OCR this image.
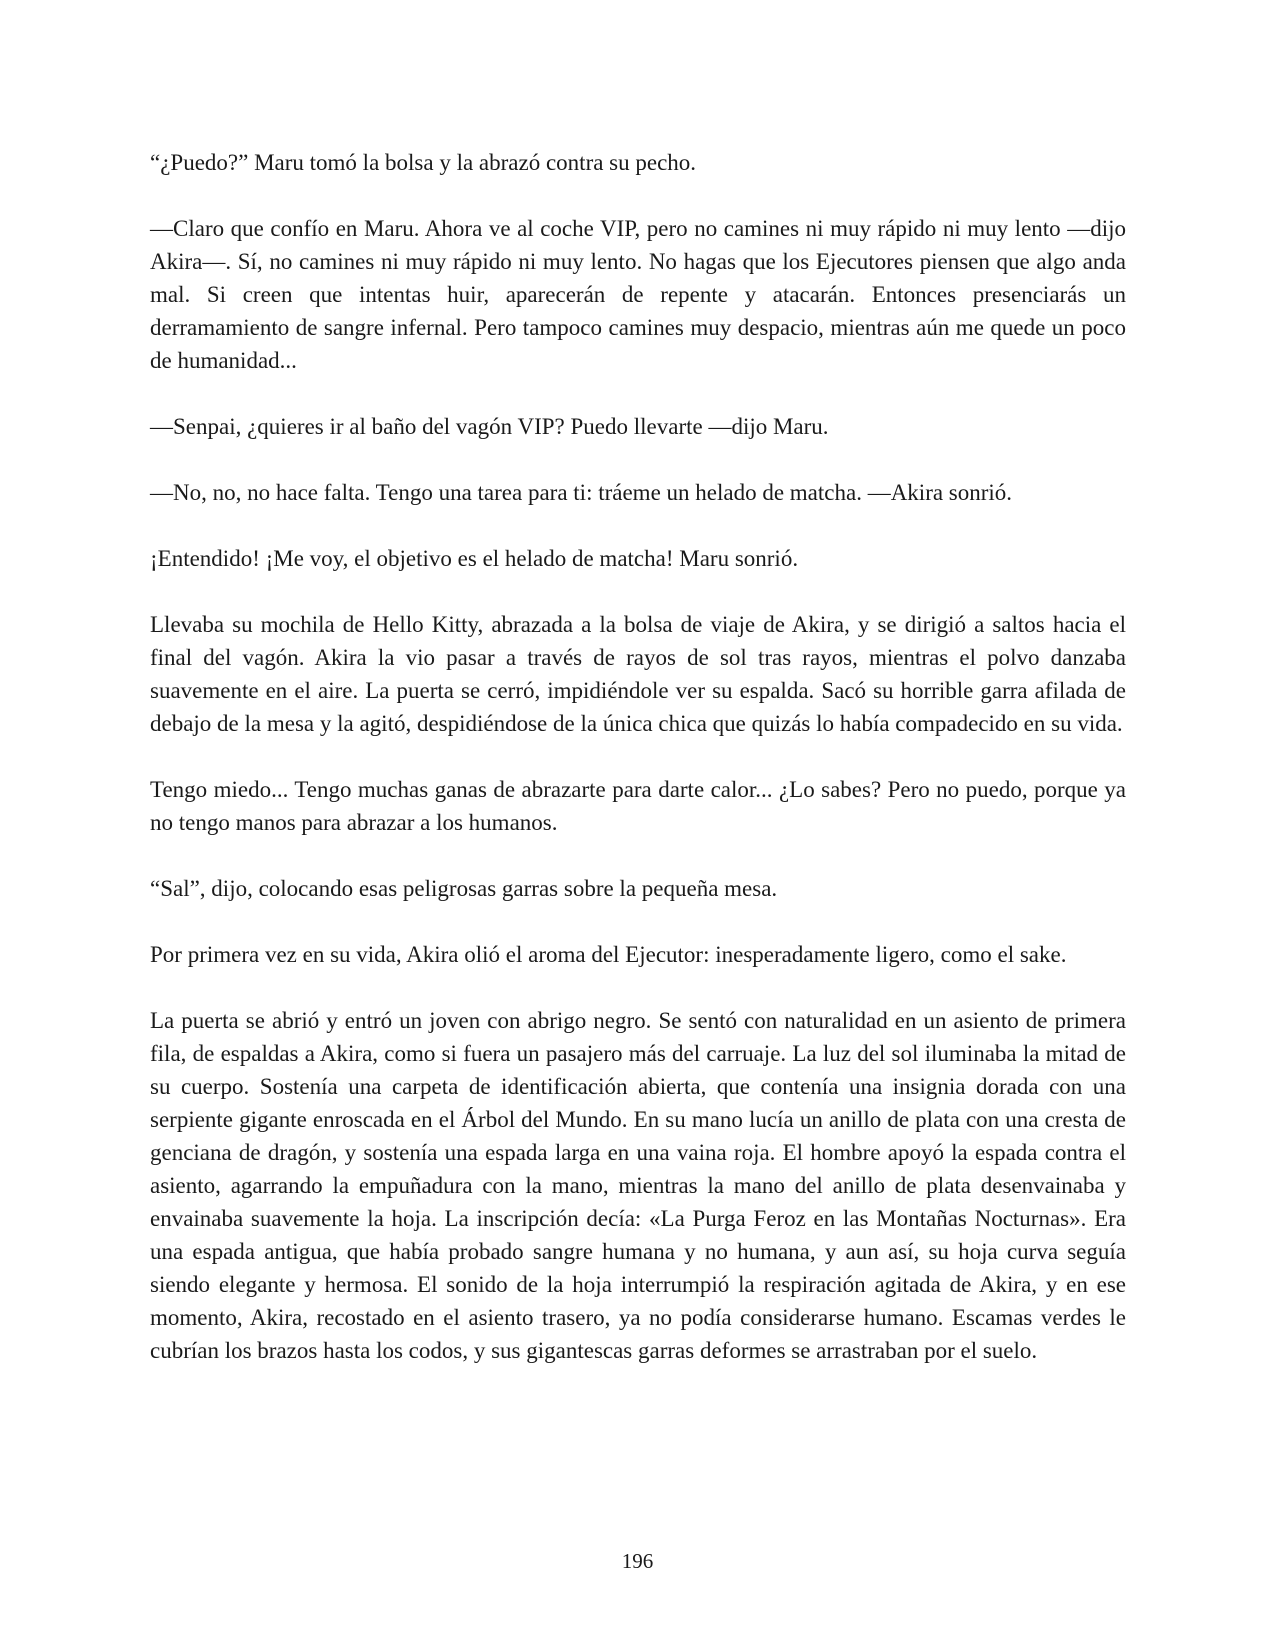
“¿Puedo?” Maru tomó la bolsa y la abrazó contra su pecho.

—Claro que confío en Maru. Ahora ve al coche VIP, pero no camines ni muy rápido ni muy lento —dijo Akira—. Sí, no camines ni muy rápido ni muy lento. No hagas que los Ejecutores piensen que algo anda mal. Si creen que intentas huir, aparecerán de repente y atacarán. Entonces presenciarás un derramamiento de sangre infernal. Pero tampoco camines muy despacio, mientras aún me quede un poco de humanidad...

—Senpai, ¿quieres ir al baño del vagón VIP? Puedo llevarte —dijo Maru.

—No, no, no hace falta. Tengo una tarea para ti: tráeme un helado de matcha. —Akira sonrió.

¡Entendido! ¡Me voy, el objetivo es el helado de matcha! Maru sonrió.

Llevaba su mochila de Hello Kitty, abrazada a la bolsa de viaje de Akira, y se dirigió a saltos hacia el final del vagón. Akira la vio pasar a través de rayos de sol tras rayos, mientras el polvo danzaba suavemente en el aire. La puerta se cerró, impidiéndole ver su espalda. Sacó su horrible garra afilada de debajo de la mesa y la agitó, despidiéndose de la única chica que quizás lo había compadecido en su vida.

Tengo miedo... Tengo muchas ganas de abrazarte para darte calor... ¿Lo sabes? Pero no puedo, porque ya no tengo manos para abrazar a los humanos.

“Sal”, dijo, colocando esas peligrosas garras sobre la pequeña mesa.

Por primera vez en su vida, Akira olió el aroma del Ejecutor: inesperadamente ligero, como el sake.

La puerta se abrió y entró un joven con abrigo negro. Se sentó con naturalidad en un asiento de primera fila, de espaldas a Akira, como si fuera un pasajero más del carruaje. La luz del sol iluminaba la mitad de su cuerpo. Sostenía una carpeta de identificación abierta, que contenía una insignia dorada con una serpiente gigante enroscada en el Árbol del Mundo. En su mano lucía un anillo de plata con una cresta de genciana de dragón, y sostenía una espada larga en una vaina roja. El hombre apoyó la espada contra el asiento, agarrando la empuñadura con la mano, mientras la mano del anillo de plata desenvainaba y envainaba suavemente la hoja. La inscripción decía: «La Purga Feroz en las Montañas Nocturnas». Era una espada antigua, que había probado sangre humana y no humana, y aun así, su hoja curva seguía siendo elegante y hermosa. El sonido de la hoja interrumpió la respiración agitada de Akira, y en ese momento, Akira, recostado en el asiento trasero, ya no podía considerarse humano. Escamas verdes le cubrían los brazos hasta los codos, y sus gigantescas garras deformes se arrastraban por el suelo.

196
